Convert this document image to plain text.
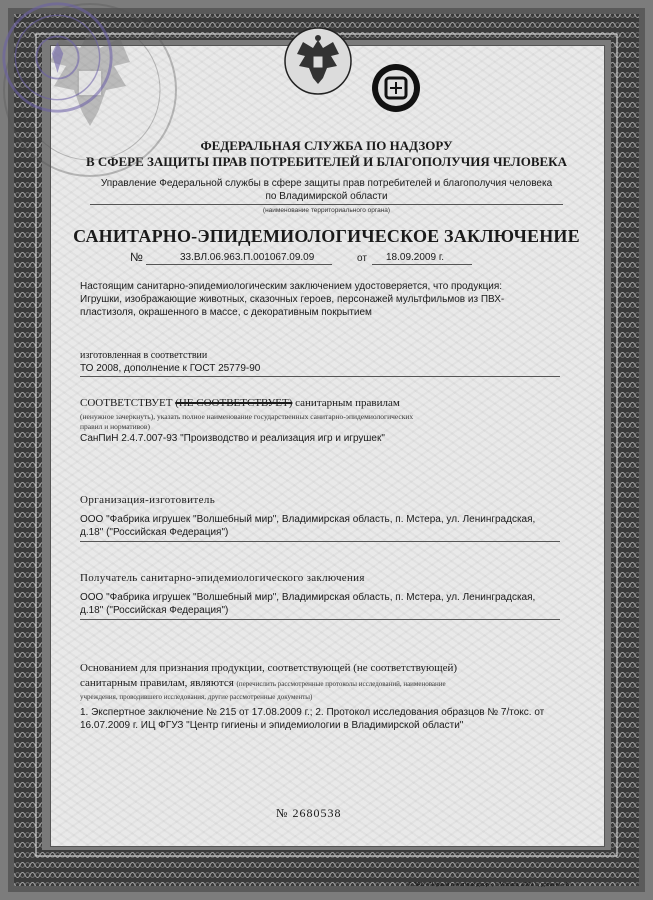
ФЕДЕРАЛЬНАЯ СЛУЖБА ПО НАДЗОРУ
В СФЕРЕ ЗАЩИТЫ ПРАВ ПОТРЕБИТЕЛЕЙ И БЛАГОПОЛУЧИЯ ЧЕЛОВЕКА
Управление Федеральной службы в сфере защиты прав потребителей и благополучия человека
по Владимирской области
(наименование территориального органа)
САНИТАРНО-ЭПИДЕМИОЛОГИЧЕСКОЕ ЗАКЛЮЧЕНИЕ
№	33.ВЛ.06.963.П.001067.09.09	от 18.09.2009 г.
Настоящим санитарно-эпидемиологическим заключением удостоверяется, что продукция:
Игрушки, изображающие животных, сказочных героев, персонажей мультфильмов из ПВХ-
пластизоля, окрашенного в массе, с декоративным покрытием
изготовленная в соответствии
ТО 2008, дополнение к ГОСТ 25779-90
СООТВЕТСТВУЕТ (НЕ СООТВЕТСТВУЕТ) санитарным правилам
(ненужное зачеркнуть), указать полное наименование государственных санитарно-эпидемиологических
правил и нормативов)
СанПиН 2.4.7.007-93 "Производство и реализация игр и игрушек"
Организация-изготовитель
ООО "Фабрика игрушек "Волшебный мир", Владимирская область, п. Мстера, ул. Ленинградская,
д.18" ("Российская Федерация")
Получатель санитарно-эпидемиологического заключения
ООО "Фабрика игрушек "Волшебный мир", Владимирская область, п. Мстера, ул. Ленинградская,
д.18" ("Российская Федерация")
Основанием для признания продукции, соответствующей (не соответствующей)
санитарным правилам, являются (перечислить рассмотренные протоколы исследований, наименование
учреждения, проводившего исследования, другие рассмотренные документы)
1. Экспертное заключение № 215 от 17.08.2009 г.; 2. Протокол исследования образцов № 7/токс. от
16.07.2009 г. ИЦ ФГУЗ "Центр гигиены и эпидемиологии в Владимирской области"
№ 2680538
© ЗАО «Первый печатный двор», г. Москва, 2009 г., уровень «Б»
